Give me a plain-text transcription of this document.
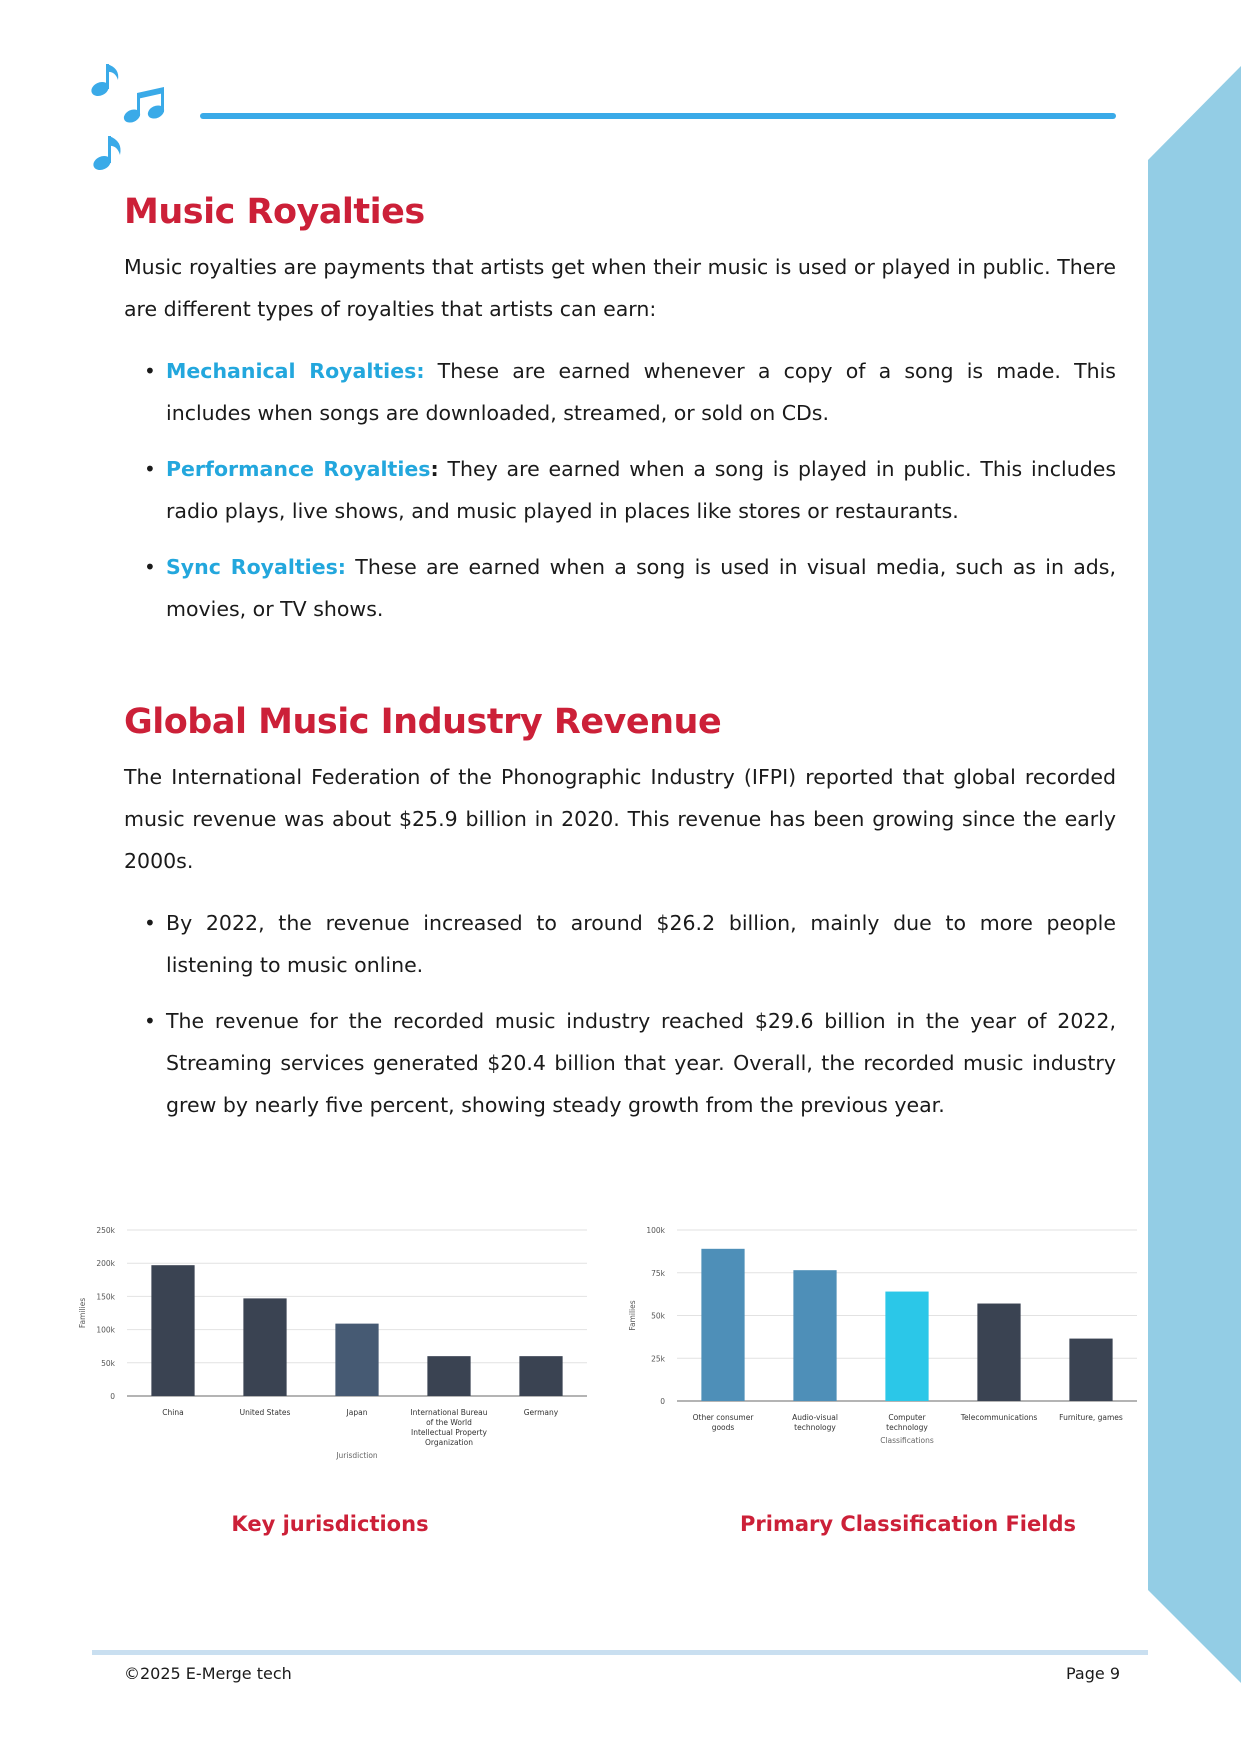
Music Royalties

Music royalties are payments that artists get when their music is used or played in public. There are different types of royalties that artists can earn:

• Mechanical Royalties: These are earned whenever a copy of a song is made. This includes when songs are downloaded, streamed, or sold on CDs.
• Performance Royalties: They are earned when a song is played in public. This includes radio plays, live shows, and music played in places like stores or restaurants.
• Sync Royalties: These are earned when a song is used in visual media, such as in ads, movies, or TV shows.
Global Music Industry Revenue

The International Federation of the Phonographic Industry (IFPI) reported that global recorded music revenue was about $25.9 billion in 2020. This revenue has been growing since the early 2000s.

• By 2022, the revenue increased to around $26.2 billion, mainly due to more people listening to music online.
• The revenue for the recorded music industry reached $29.6 billion in the year of 2022, Streaming services generated $20.4 billion that year. Overall, the recorded music industry grew by nearly five percent, showing steady growth from the previous year.
0
50k
100k
150k
200k
250k
Families
China	United States	Japan	International Bureau of the World Intellectual Property Organization
Germany
Jurisdiction
0
25k
50k
75k
100k
Families
Other consumer goods
Audio-visual technology
Computer technology
Telecommunications	Furniture, games
Classifications
Key jurisdictions	Primary Classification Fields
©2025 E-Merge tech	Page 9
